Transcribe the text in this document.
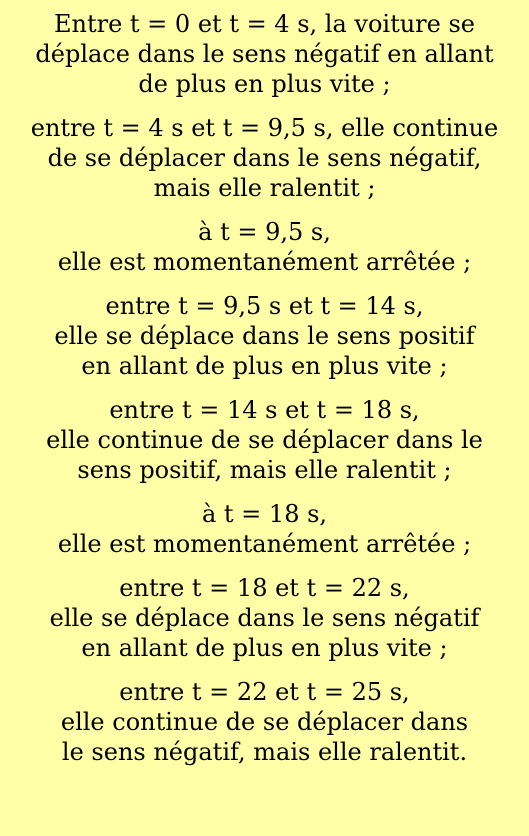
Entre t = 0 et t = 4 s, la voiture se
déplace dans le sens négatif en allant
de plus en plus vite ;
entre t = 4 s et t = 9,5 s, elle continue
de se déplacer dans le sens négatif,
mais elle ralentit ;
à t = 9,5 s,
elle est momentanément arrêtée ;
entre t = 9,5 s et t = 14 s,
elle se déplace dans le sens positif
en allant de plus en plus vite ;
entre t = 14 s et t = 18 s,
elle continue de se déplacer dans le
sens positif, mais elle ralentit ;
à t = 18 s,
elle est momentanément arrêtée ;
entre t = 18 et t = 22 s,
elle se déplace dans le sens négatif
en allant de plus en plus vite ;
entre t = 22 et t = 25 s,
elle continue de se déplacer dans
le sens négatif, mais elle ralentit.
